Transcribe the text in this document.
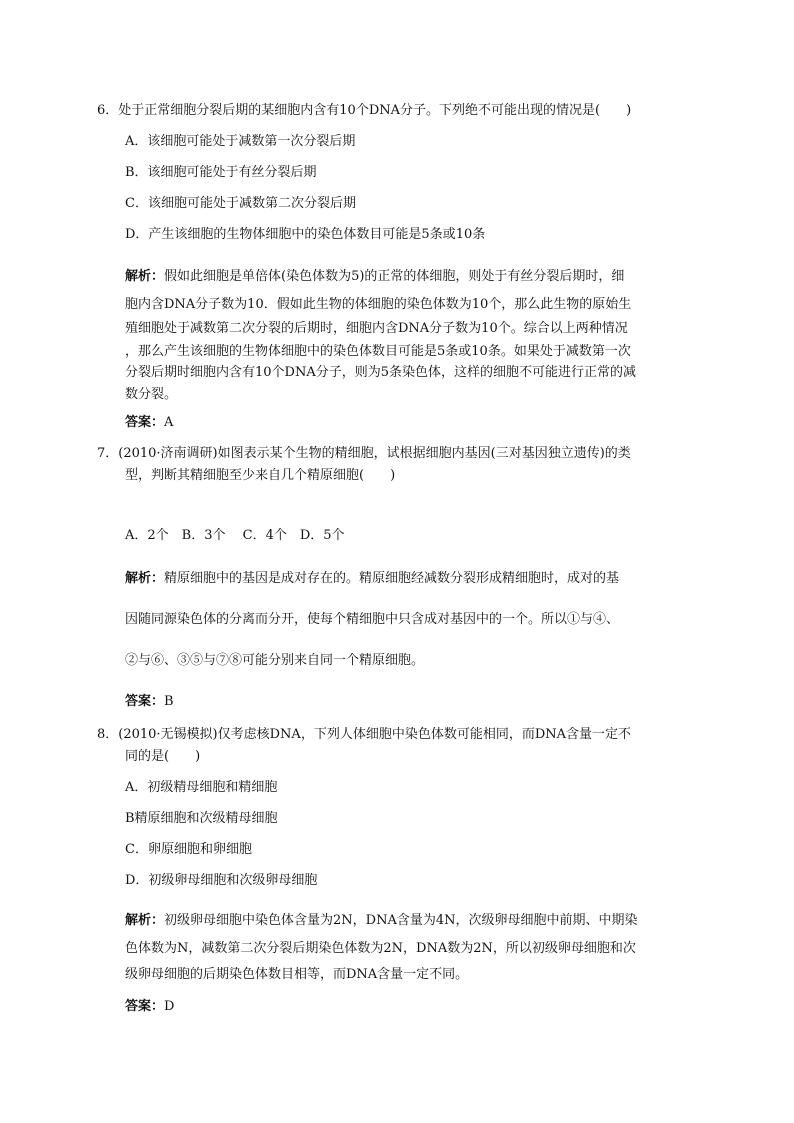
6．处于正常细胞分裂后期的某细胞内含有10个DNA分子。下列绝不可能出现的情况是(　　)
A．该细胞可能处于减数第一次分裂后期
B．该细胞可能处于有丝分裂后期
C．该细胞可能处于减数第二次分裂后期
D．产生该细胞的生物体细胞中的染色体数目可能是5条或10条
解析：假如此细胞是单倍体(染色体数为5)的正常的体细胞，则处于有丝分裂后期时，细
胞内含DNA分子数为10．假如此生物的体细胞的染色体数为10个，那么此生物的原始生
殖细胞处于减数第二次分裂的后期时，细胞内含DNA分子数为10个。综合以上两种情况
，那么产生该细胞的生物体细胞中的染色体数目可能是5条或10条。如果处于减数第一次
分裂后期时细胞内含有10个DNA分子，则为5条染色体，这样的细胞不可能进行正常的减
数分裂。
答案：A
7．(2010·济南调研)如图表示某个生物的精细胞，试根据细胞内基因(三对基因独立遗传)的类
型，判断其精细胞至少来自几个精原细胞(　　)
A．2个　B．3个　 C．4个　D．5个
解析：精原细胞中的基因是成对存在的。精原细胞经减数分裂形成精细胞时，成对的基
因随同源染色体的分离而分开，使每个精细胞中只含成对基因中的一个。所以①与④、
②与⑥、③⑤与⑦⑧可能分别来自同一个精原细胞。
答案：B
8．(2010·无锡模拟)仅考虑核DNA，下列人体细胞中染色体数可能相同，而DNA含量一定不
同的是(　　)
A．初级精母细胞和精细胞
B精原细胞和次级精母细胞
C．卵原细胞和卵细胞
D．初级卵母细胞和次级卵母细胞
解析：初级卵母细胞中染色体含量为2N，DNA含量为4N，次级卵母细胞中前期、中期染
色体数为N，减数第二次分裂后期染色体数为2N，DNA数为2N，所以初级卵母细胞和次
级卵母细胞的后期染色体数目相等，而DNA含量一定不同。
答案：D
